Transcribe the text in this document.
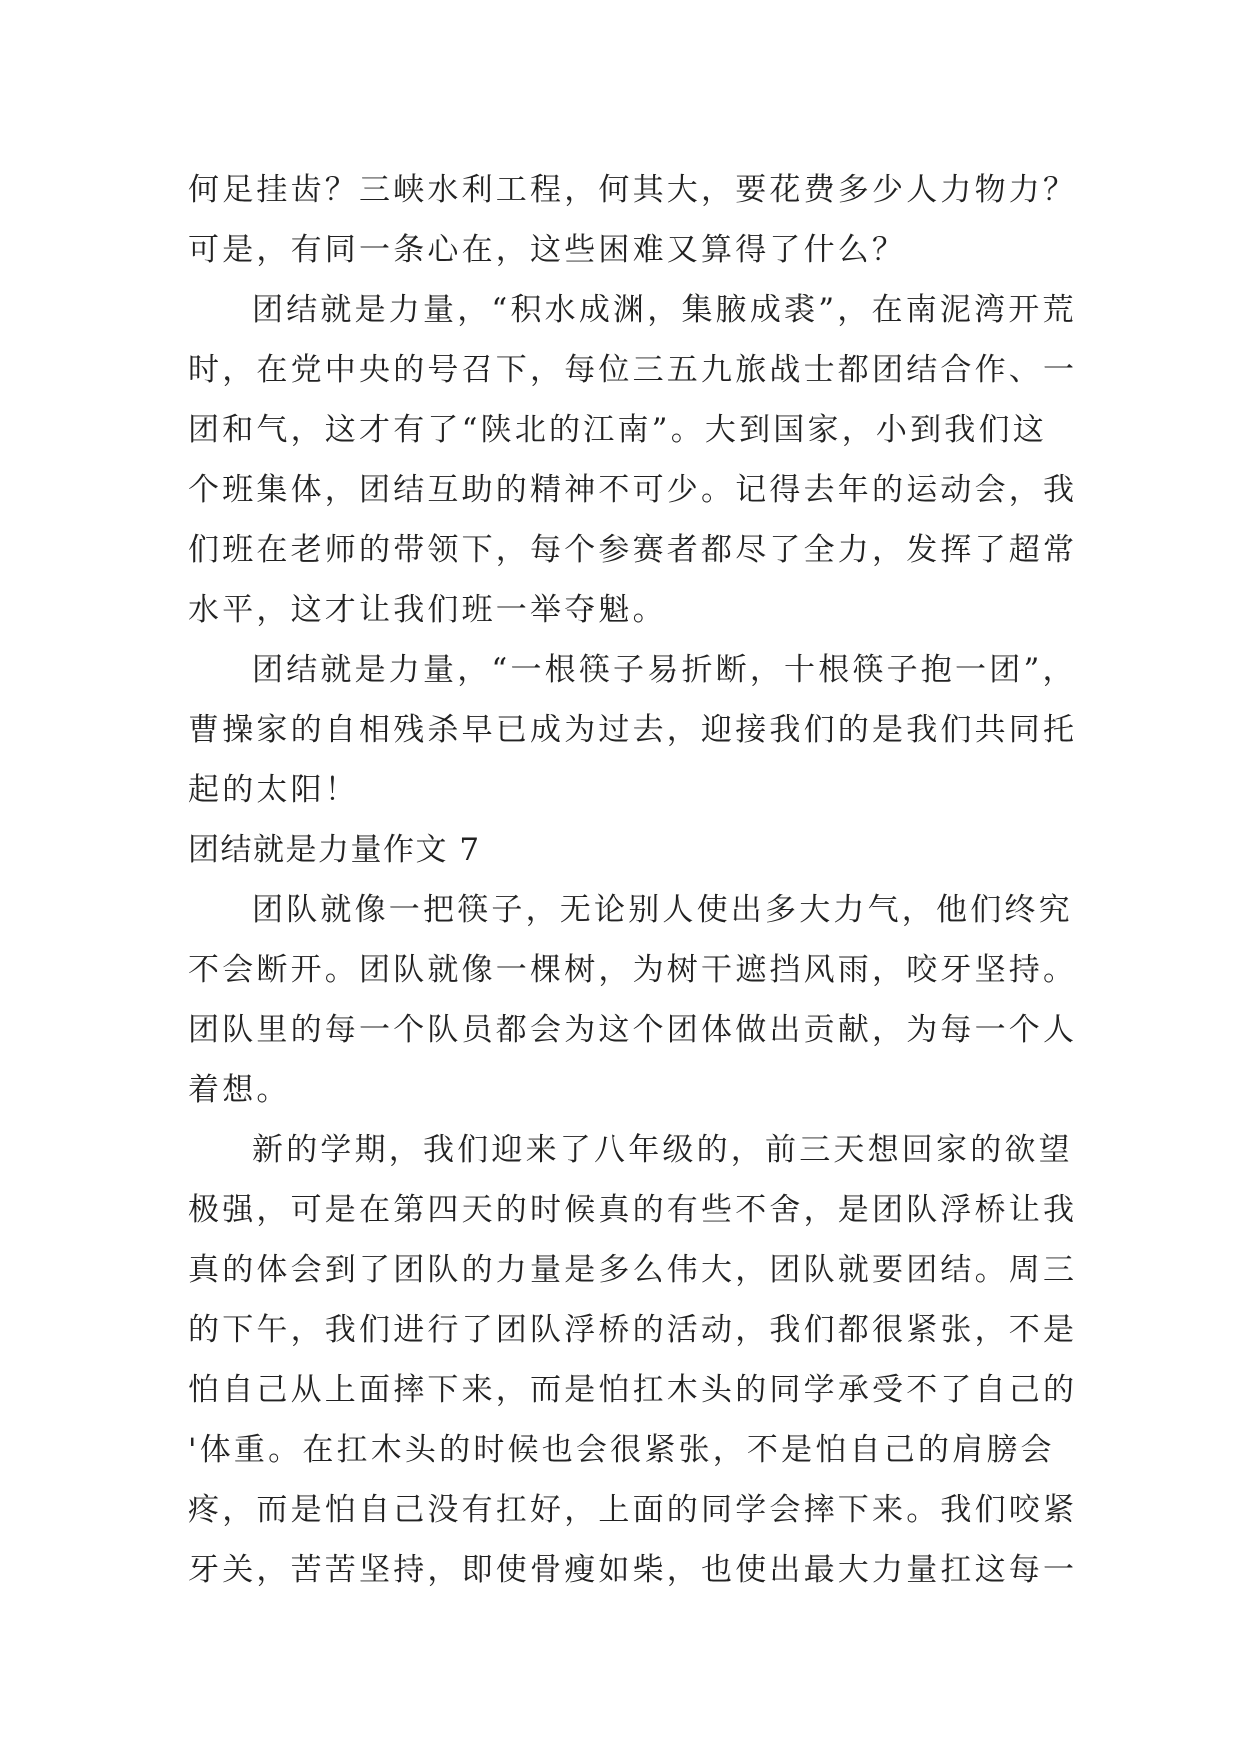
何足挂齿？三峡水利工程，何其大，要花费多少人力物力？
可是，有同一条心在，这些困难又算得了什么？
团结就是力量，“积水成渊，集腋成裘”，在南泥湾开荒
时，在党中央的号召下，每位三五九旅战士都团结合作、一
团和气，这才有了“陕北的江南”。大到国家，小到我们这
个班集体，团结互助的精神不可少。记得去年的运动会，我
们班在老师的带领下，每个参赛者都尽了全力，发挥了超常
水平，这才让我们班一举夺魁。
团结就是力量，“一根筷子易折断，十根筷子抱一团”，
曹操家的自相残杀早已成为过去，迎接我们的是我们共同托
起的太阳！
团结就是力量作文 7
团队就像一把筷子，无论别人使出多大力气，他们终究
不会断开。团队就像一棵树，为树干遮挡风雨，咬牙坚持。
团队里的每一个队员都会为这个团体做出贡献，为每一个人
着想。
新的学期，我们迎来了八年级的，前三天想回家的欲望
极强，可是在第四天的时候真的有些不舍，是团队浮桥让我
真的体会到了团队的力量是多么伟大，团队就要团结。周三
的下午，我们进行了团队浮桥的活动，我们都很紧张，不是
怕自己从上面摔下来，而是怕扛木头的同学承受不了自己的
'体重。在扛木头的时候也会很紧张，不是怕自己的肩膀会
疼，而是怕自己没有扛好，上面的同学会摔下来。我们咬紧
牙关，苦苦坚持，即使骨瘦如柴，也使出最大力量扛这每一
